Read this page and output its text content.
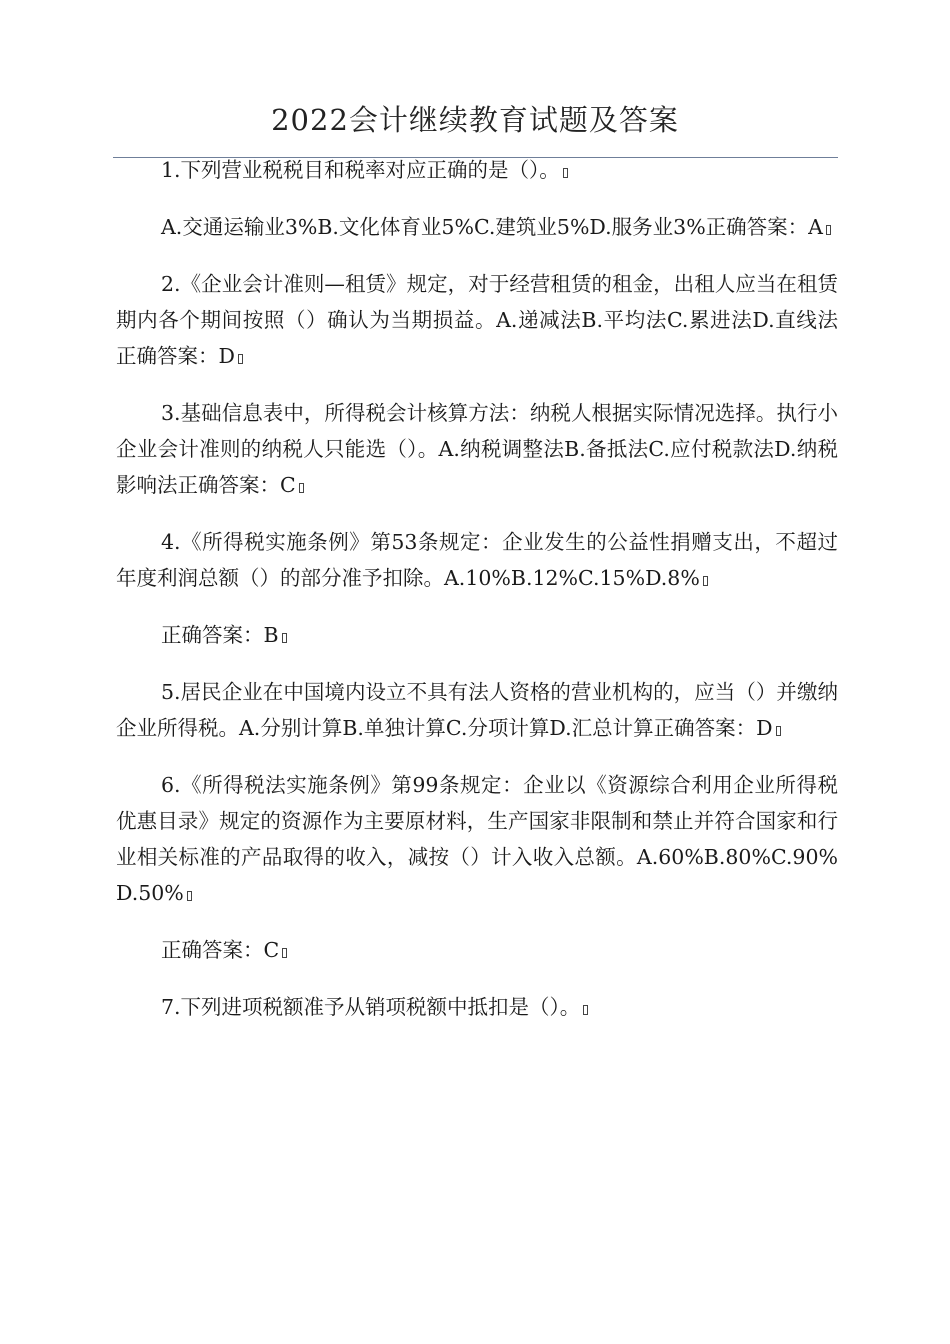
2022会计继续教育试题及答案

1.下列营业税税目和税率对应正确的是（）。

A.交通运输业3%B.文化体育业5%C.建筑业5%D.服务业3%正确答案：A

2.《企业会计准则—租赁》规定，对于经营租赁的租金，出租人应当在租赁期内各个期间按照（）确认为当期损益。A.递减法B.平均法C.累进法D.直线法正确答案：D

3.基础信息表中，所得税会计核算方法：纳税人根据实际情况选择。执行小企业会计准则的纳税人只能选（）。A.纳税调整法B.备抵法C.应付税款法D.纳税影响法正确答案：C

4.《所得税实施条例》第53条规定：企业发生的公益性捐赠支出，不超过年度利润总额（）的部分准予扣除。A.10%B.12%C.15%D.8%

正确答案：B

5.居民企业在中国境内设立不具有法人资格的营业机构的，应当（）并缴纳企业所得税。A.分别计算B.单独计算C.分项计算D.汇总计算正确答案：D

6.《所得税法实施条例》第99条规定：企业以《资源综合利用企业所得税优惠目录》规定的资源作为主要原材料，生产国家非限制和禁止并符合国家和行业相关标准的产品取得的收入，减按（）计入收入总额。A.60%B.80%C.90%D.50%

正确答案：C

7.下列进项税额准予从销项税额中抵扣是（）。
